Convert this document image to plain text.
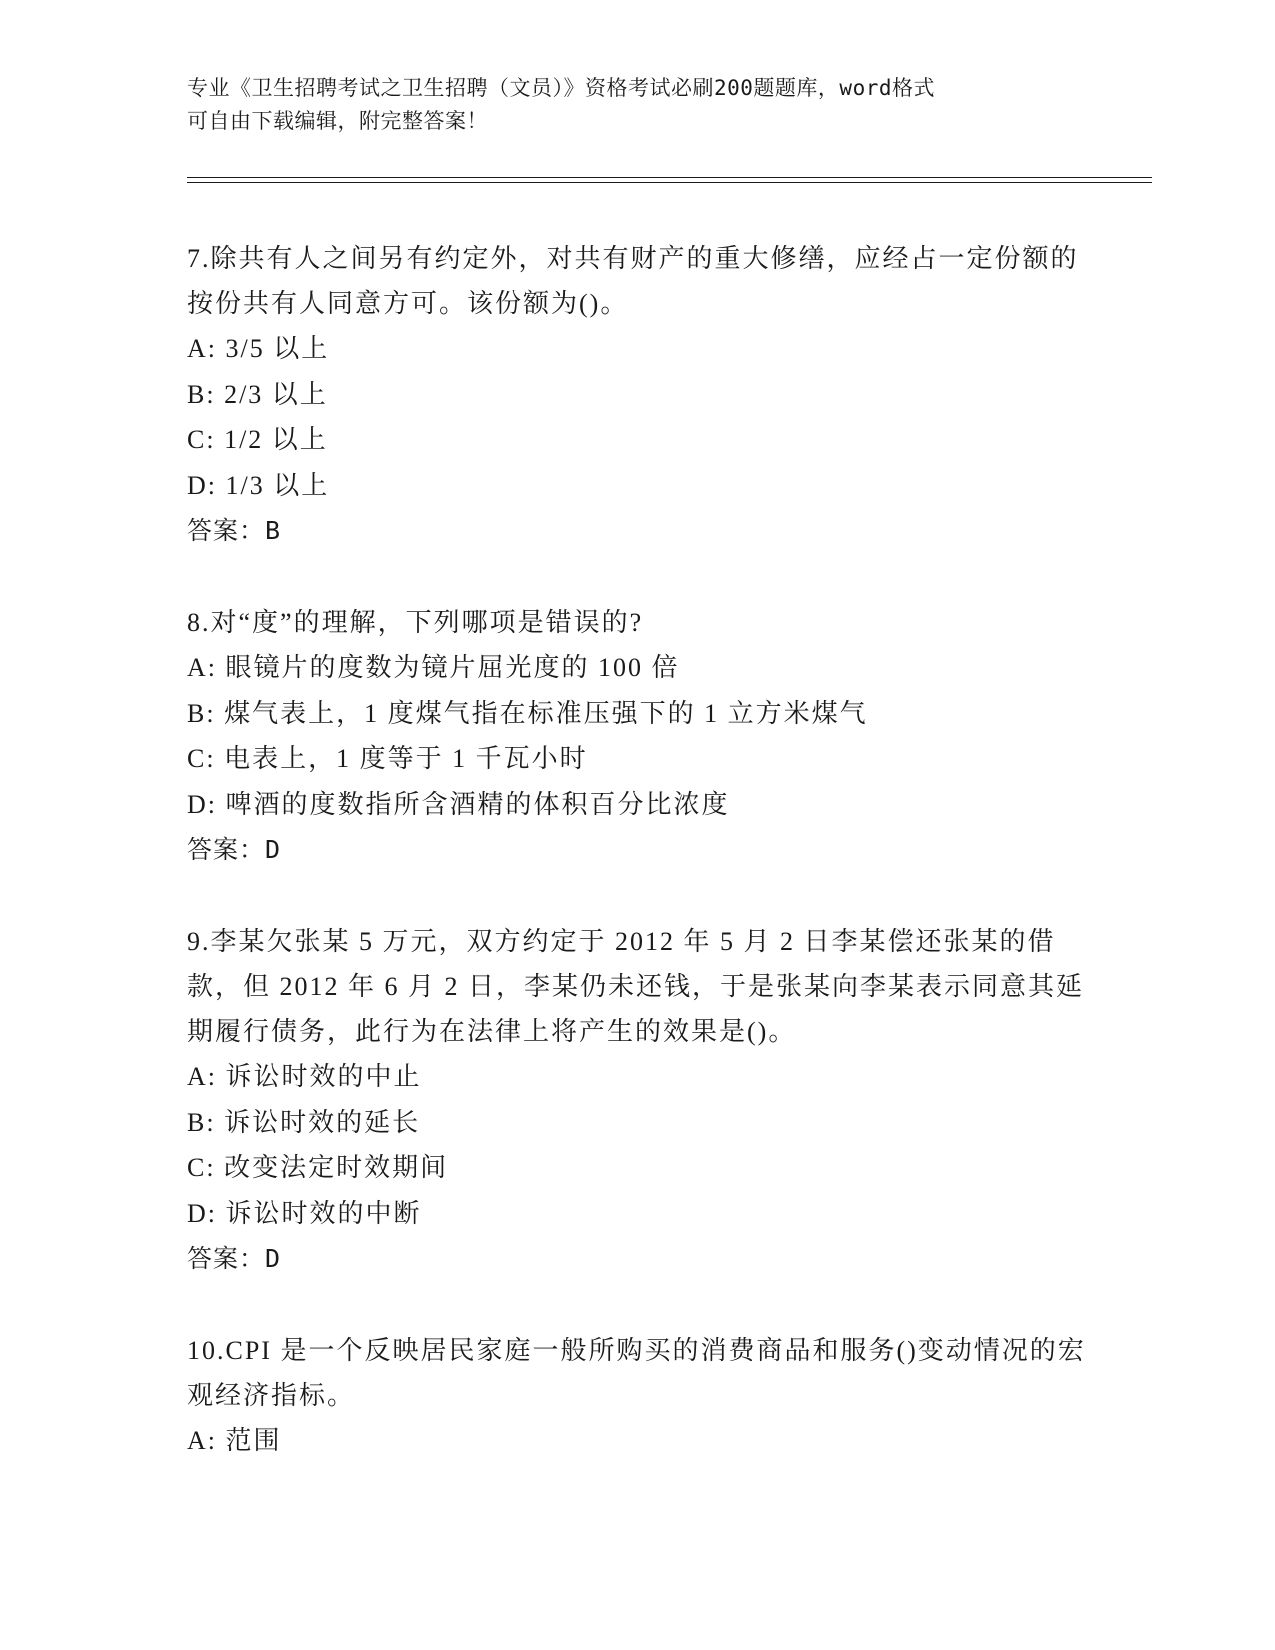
专业《卫生招聘考试之卫生招聘（文员）》资格考试必刷200题题库，word格式
可自由下载编辑，附完整答案！
7.除共有人之间另有约定外，对共有财产的重大修缮，应经占一定份额的按份共有人同意方可。该份额为()。
A: 3/5 以上
B: 2/3 以上
C: 1/2 以上
D: 1/3 以上
答案：B
8.对“度”的理解，下列哪项是错误的?
A: 眼镜片的度数为镜片屈光度的 100 倍
B: 煤气表上，1 度煤气指在标准压强下的 1 立方米煤气
C: 电表上，1 度等于 1 千瓦小时
D: 啤酒的度数指所含酒精的体积百分比浓度
答案：D
9.李某欠张某 5 万元，双方约定于 2012 年 5 月 2 日李某偿还张某的借款，但 2012 年 6 月 2 日，李某仍未还钱，于是张某向李某表示同意其延期履行债务，此行为在法律上将产生的效果是()。
A: 诉讼时效的中止
B: 诉讼时效的延长
C: 改变法定时效期间
D: 诉讼时效的中断
答案：D
10.CPI 是一个反映居民家庭一般所购买的消费商品和服务()变动情况的宏观经济指标。
A: 范围
